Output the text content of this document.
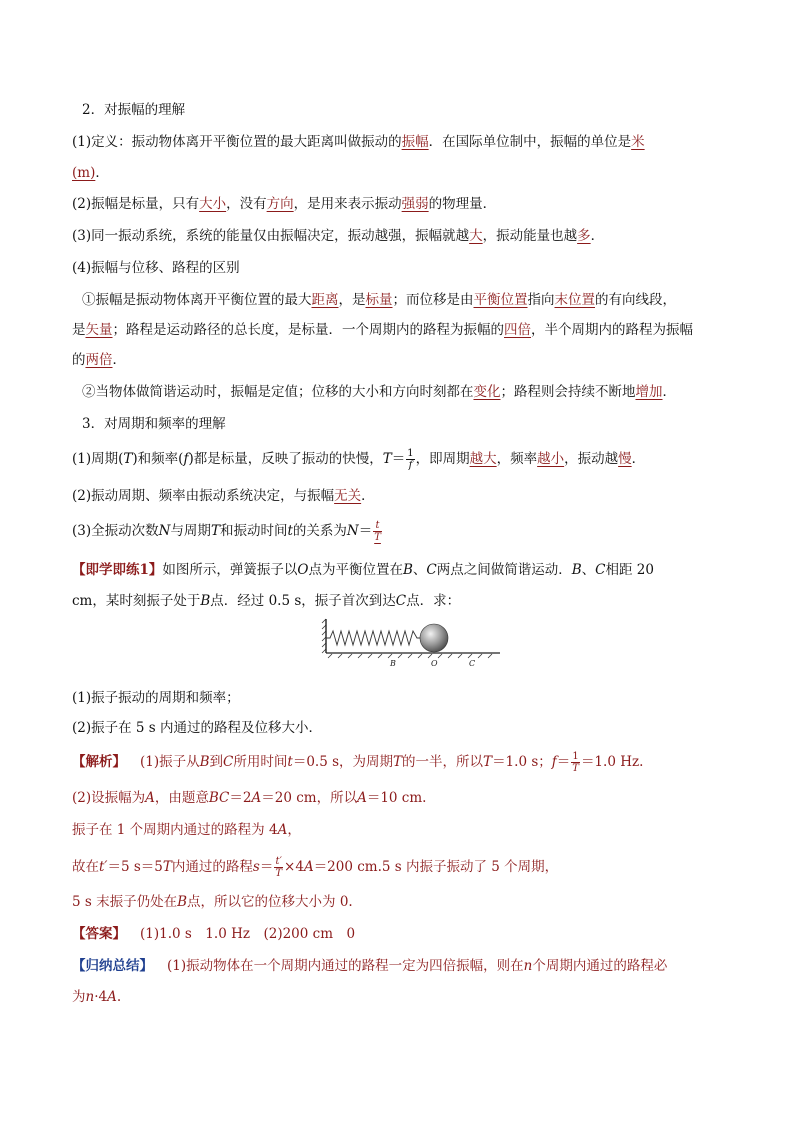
2．对振幅的理解
(1)定义：振动物体离开平衡位置的最大距离叫做振动的振幅．在国际单位制中，振幅的单位是米
(m)．
(2)振幅是标量，只有大小，没有方向，是用来表示振动强弱的物理量．
(3)同一振动系统，系统的能量仅由振幅决定，振动越强，振幅就越大，振动能量也越多．
(4)振幅与位移、路程的区别
①振幅是振动物体离开平衡位置的最大距离，是标量；而位移是由平衡位置指向末位置的有向线段，
是矢量；路程是运动路径的总长度，是标量．一个周期内的路程为振幅的四倍，半个周期内的路程为振幅
的两倍．
②当物体做简谐运动时，振幅是定值；位移的大小和方向时刻都在变化；路程则会持续不断地增加．
3．对周期和频率的理解
(1)周期(T)和频率(f)都是标量，反映了振动的快慢，$T= \frac{1}{f}$ ，即周期越大，频率越小，振动越慢．
(2)振动周期、频率由振动系统决定，与振幅无关．
(3)全振动次数N与周期T和振动时间t的关系为$N= \frac{t}{T}$
【即学即练1】如图所示，弹簧振子以O点为平衡位置在B、C两点之间做简谐运动．B、C相距 20
cm，某时刻振子处于B点．经过 0.5 s，振子首次到达C点．求：
B	O	C
(1)振子振动的周期和频率；
(2)振子在 5 s 内通过的路程及位移大小．
【解析】 (1)振子从B到C所用时间t＝0.5 s，为周期T的一半，所以T＝1.0 s；$f= \frac{1}{T} =1.0$ Hz.
(2)设振幅为A，由题意BC＝2A＝20 cm，所以A＝10 cm.
振子在 1 个周期内通过的路程为 4A，
故在t′＝5 s＝5T内通过的路程$s= \frac{t'}{T} \times 4A=200$ cm.5 s 内振子振动了 5 个周期，
5 s 末振子仍处在B点，所以它的位移大小为 0.
【答案】 (1)1.0 s　1.0 Hz　(2)200 cm　0
【归纳总结】 (1)振动物体在一个周期内通过的路程一定为四倍振幅，则在n个周期内通过的路程必
为n·4A.
